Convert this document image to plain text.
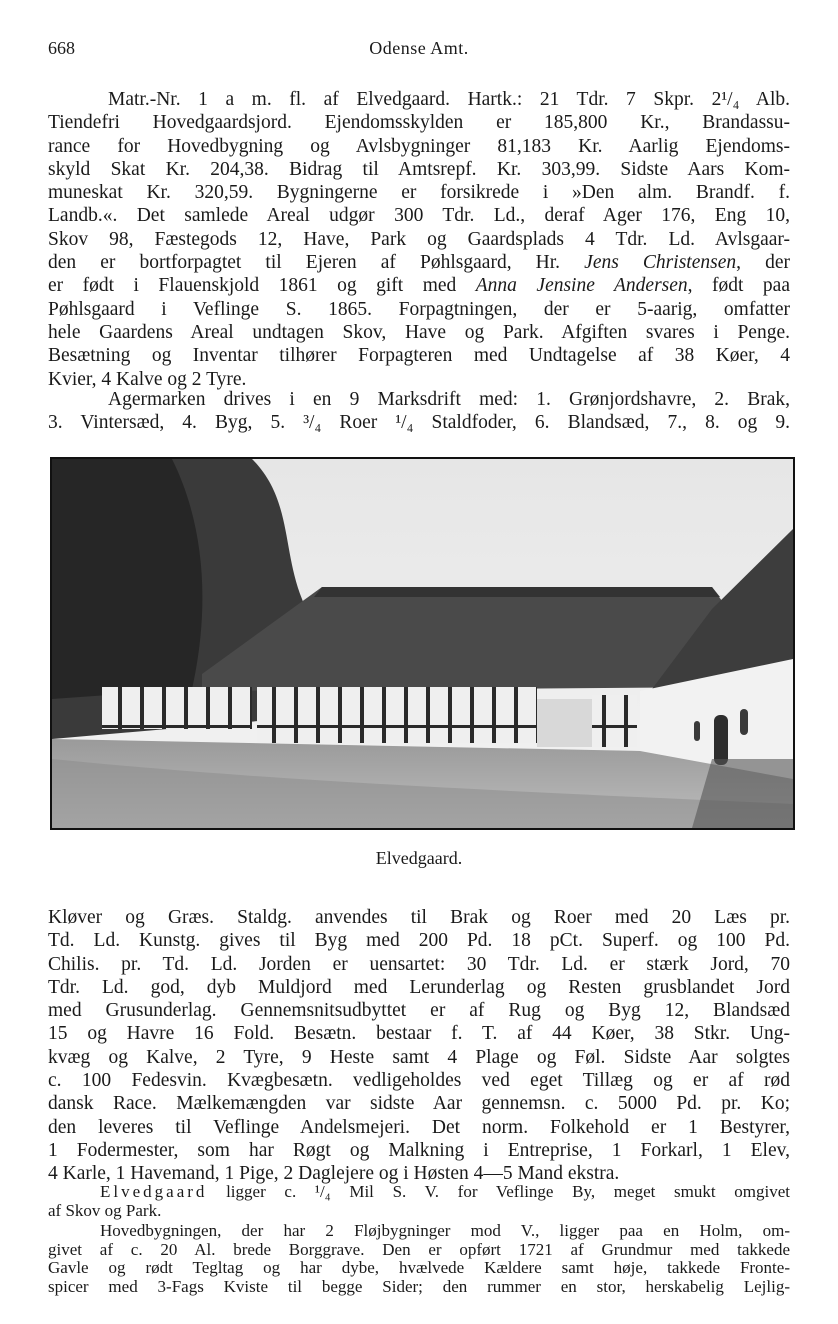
668	Odense Amt.
Matr.-Nr. 1 a m. fl. af Elvedgaard. Hartk.: 21 Tdr. 7 Skpr. 2¹/₄ Alb.
Tiendefri Hovedgaardsjord. Ejendomsskylden er 185,800 Kr., Brandassu-
rance for Hovedbygning og Avlsbygninger 81,183 Kr. Aarlig Ejendoms-
skyld Skat Kr. 204,38. Bidrag til Amtsrepf. Kr. 303,99. Sidste Aars Kom-
muneskat Kr. 320,59. Bygningerne er forsikrede i »Den alm. Brandf. f.
Landb.«. Det samlede Areal udgør 300 Tdr. Ld., deraf Ager 176, Eng 10,
Skov 98, Fæstegods 12, Have, Park og Gaardsplads 4 Tdr. Ld. Avlsgaar-
den er bortforpagtet til Ejeren af Pøhlsgaard, Hr. Jens Christensen, der
er født i Flauenskjold 1861 og gift med Anna Jensine Andersen, født paa
Pøhlsgaard i Veflinge S. 1865. Forpagtningen, der er 5-aarig, omfatter
hele Gaardens Areal undtagen Skov, Have og Park. Afgiften svares i Penge.
Besætning og Inventar tilhører Forpagteren med Undtagelse af 38 Køer, 4
Kvier, 4 Kalve og 2 Tyre.
Agermarken drives i en 9 Marksdrift med: 1. Grønjordshavre, 2. Brak,
3. Vintersæd, 4. Byg, 5. ³/₄ Roer ¹/₄ Staldfoder, 6. Blandsæd, 7., 8. og 9.
Elvedgaard.
Kløver og Græs. Staldg. anvendes til Brak og Roer med 20 Læs pr.
Td. Ld. Kunstg. gives til Byg med 200 Pd. 18 pCt. Superf. og 100 Pd.
Chilis. pr. Td. Ld. Jorden er uensartet: 30 Tdr. Ld. er stærk Jord, 70
Tdr. Ld. god, dyb Muldjord med Lerunderlag og Resten grusblandet Jord
med Grusunderlag. Gennemsnitsudbyttet er af Rug og Byg 12, Blandsæd
15 og Havre 16 Fold. Besætn. bestaar f. T. af 44 Køer, 38 Stkr. Ung-
kvæg og Kalve, 2 Tyre, 9 Heste samt 4 Plage og Føl. Sidste Aar solgtes
c. 100 Fedesvin. Kvægbesætn. vedligeholdes ved eget Tillæg og er af rød
dansk Race. Mælkemængden var sidste Aar gennemsn. c. 5000 Pd. pr. Ko;
den leveres til Veflinge Andelsmejeri. Det norm. Folkehold er 1 Bestyrer,
1 Fodermester, som har Røgt og Malkning i Entreprise, 1 Forkarl, 1 Elev,
4 Karle, 1 Havemand, 1 Pige, 2 Daglejere og i Høsten 4—5 Mand ekstra.
Elvedgaard ligger c. ¹/₄ Mil S. V. for Veflinge By, meget smukt omgivet
af Skov og Park.
Hovedbygningen, der har 2 Fløjbygninger mod V., ligger paa en Holm, om-
givet af c. 20 Al. brede Borggrave. Den er opført 1721 af Grundmur med takkede
Gavle og rødt Tegltag og har dybe, hvælvede Kældere samt høje, takkede Fronte-
spicer med 3-Fags Kviste til begge Sider; den rummer en stor, herskabelig Lejlig-
